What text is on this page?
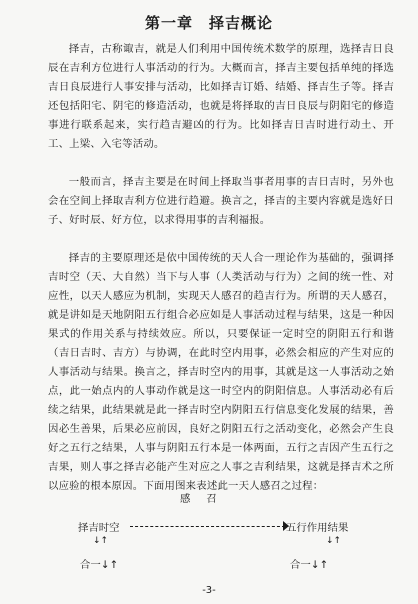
第一章　择吉概论

择吉，古称诹吉，就是人们利用中国传统术数学的原理，选择吉日良辰在吉利方位进行人事活动的行为。大概而言，择吉主要包括单纯的择选吉日良辰进行人事安排与活动，比如择吉订婚、结婚、择吉生子等。择吉还包括阳宅、阴宅的修造活动，也就是将择取的吉日良辰与阴阳宅的修造事进行联系起来，实行趋吉避凶的行为。比如择吉日吉时进行动土、开工、上梁、入宅等活动。

一般而言，择吉主要是在时间上择取当事者用事的吉日吉时，另外也会在空间上择取吉利方位进行趋避。换言之，择吉的主要内容就是选好日子、好时辰、好方位，以求得用事的吉利福报。

择吉的主要原理还是依中国传统的天人合一理论作为基础的，强调择吉时空（天、大自然）当下与人事（人类活动与行为）之间的统一性、对应性，以天人感应为机制，实现天人感召的趋吉行为。所谓的天人感召，就是讲如是天地阴阳五行组合必应如是人事活动过程与结果，这是一种因果式的作用关系与持续效应。所以，只要保证一定时空的阴阳五行和谐（吉日吉时、吉方）与协调，在此时空内用事，必然会相应的产生对应的人事活动与结果。换言之，择吉时空内的用事，其就是这一人事活动之始点，此一始点内的人事动作就是这一时空内的阴阳信息。人事活动必有后续之结果，此结果就是此一择吉时空内阴阳五行信息变化发展的结果，善因必生善果，后果必应前因，良好之阴阳五行之活动变化，必然会产生良好之五行之结果，人事与阴阳五行本是一体两面，五行之吉因产生五行之吉果，则人事之择吉必能产生对应之人事之吉利结果，这就是择吉术之所以应验的根本原因。下面用图来表述此一天人感召之过程：

感召
择吉时空	五行作用结果
↓↑	↓↑
合一↓↑	合一↓↑
-3-
